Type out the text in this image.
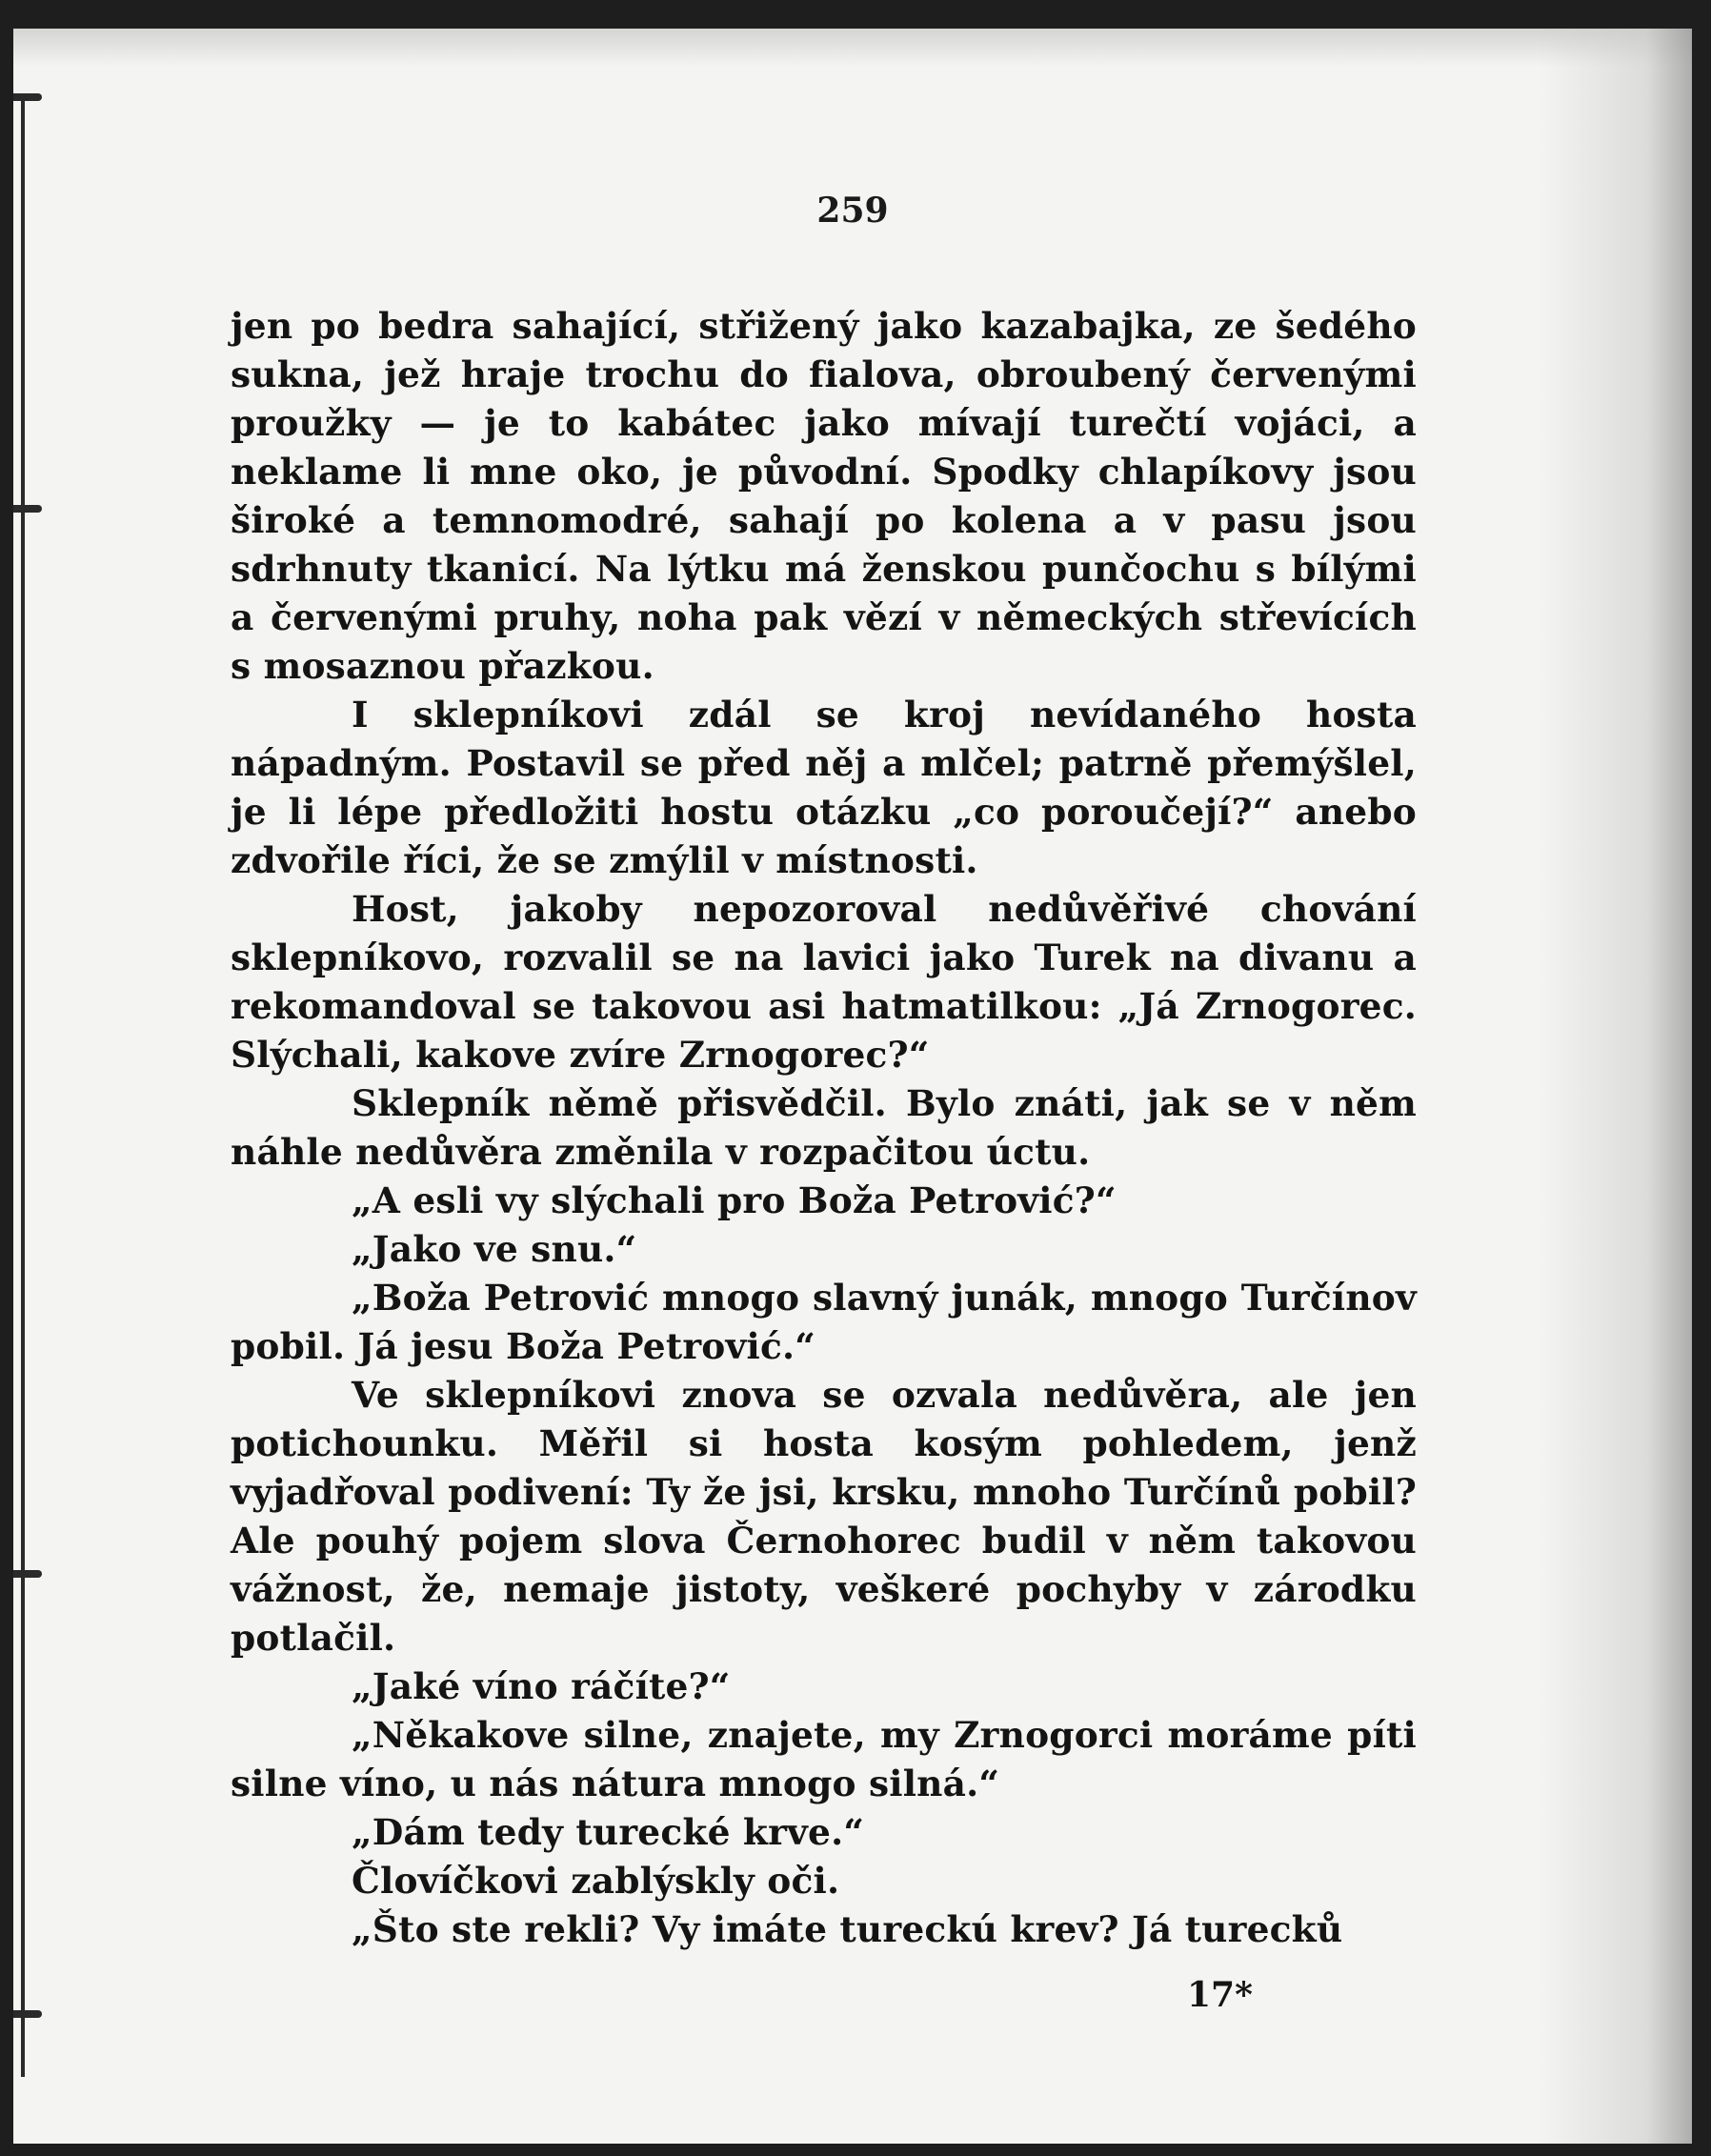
259

jen po bedra sahající, střižený jako kazabajka, ze šedého sukna, jež hraje trochu do fialova, obroubený červenými proužky — je to kabátec jako mívají turečtí vojáci, a neklame li mne oko, je původní. Spodky chlapíkovy jsou široké a temnomodré, sahají po kolena a v pasu jsou sdrhnuty tkanicí. Na lýtku má ženskou punčochu s bílými a červenými pruhy, noha pak vězí v německých střevících s mosaznou přazkou.

I sklepníkovi zdál se kroj nevídaného hosta nápadným. Postavil se před něj a mlčel; patrně přemýšlel, je li lépe předložiti hostu otázku „co poroučejí?“ anebo zdvořile říci, že se zmýlil v místnosti.

Host, jakoby nepozoroval nedůvěřivé chování sklepníkovo, rozvalil se na lavici jako Turek na divanu a rekomandoval se takovou asi hatmatilkou: „Já Zrnogorec. Slýchali, kakove zvíre Zrnogorec?“

Sklepník němě přisvědčil. Bylo znáti, jak se v něm náhle nedůvěra změnila v rozpačitou úctu.

„A esli vy slýchali pro Boža Petrović?“

„Jako ve snu.“

„Boža Petrović mnogo slavný junák, mnogo Turčínov pobil. Já jesu Boža Petrović.“

Ve sklepníkovi znova se ozvala nedůvěra, ale jen potichounku. Měřil si hosta kosým pohledem, jenž vyjadřoval podivení: Ty že jsi, krsku, mnoho Turčínů pobil? Ale pouhý pojem slova Černohorec budil v něm takovou vážnost, že, nemaje jistoty, veškeré pochyby v zárodku potlačil.

„Jaké víno ráčíte?“

„Někakove silne, znajete, my Zrnogorci moráme píti silne víno, u nás nátura mnogo silná.“

„Dám tedy turecké krve.“

Človíčkovi zablýskly oči.

„Što ste rekli? Vy imáte tureckú krev? Já turecků

17*
